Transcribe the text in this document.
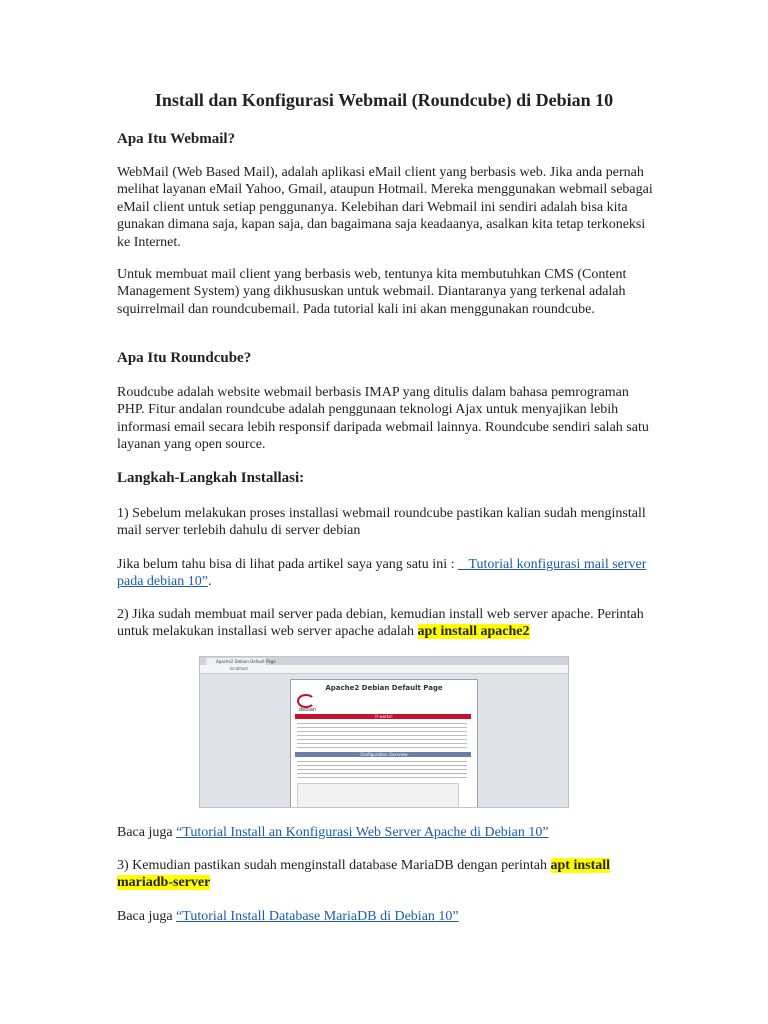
Install dan Konfigurasi Webmail (Roundcube) di Debian 10
Apa Itu Webmail?

WebMail (Web Based Mail), adalah aplikasi eMail client yang berbasis web. Jika anda pernah melihat layanan eMail Yahoo, Gmail, ataupun Hotmail. Mereka menggunakan webmail sebagai eMail client untuk setiap penggunanya. Kelebihan dari Webmail ini sendiri adalah bisa kita gunakan dimana saja, kapan saja, dan bagaimana saja keadaanya, asalkan kita tetap terkoneksi ke Internet.

Untuk membuat mail client yang berbasis web, tentunya kita membutuhkan CMS (Content Management System) yang dikhususkan untuk webmail. Diantaranya yang terkenal adalah squirrelmail dan roundcubemail. Pada tutorial kali ini akan menggunakan roundcube.

Apa Itu Roundcube?

Roudcube adalah website webmail berbasis IMAP yang ditulis dalam bahasa pemrograman PHP. Fitur andalan roundcube adalah penggunaan teknologi Ajax untuk menyajikan lebih informasi email secara lebih responsif daripada webmail lainnya. Roundcube sendiri salah satu layanan yang open source.

Langkah-Langkah Installasi:

1) Sebelum melakukan proses installasi webmail roundcube pastikan kalian sudah menginstall mail server terlebih dahulu di server debian

Jika belum tahu bisa di lihat pada artikel saya yang satu ini :    Tutorial konfigurasi mail server pada debian 10”.

2) Jika sudah membuat mail server pada debian, kemudian install web server apache. Perintah untuk melakukan installasi web server apache adalah apt install apache2

Apache2 Debian Default Page
localhost
Apache2 Debian Default Page
debian
It works!
Configuration Overview

Baca juga “Tutorial Install an Konfigurasi Web Server Apache di Debian 10”

3) Kemudian pastikan sudah menginstall database MariaDB dengan perintah apt install mariadb-server

Baca juga “Tutorial Install Database MariaDB di Debian 10”
